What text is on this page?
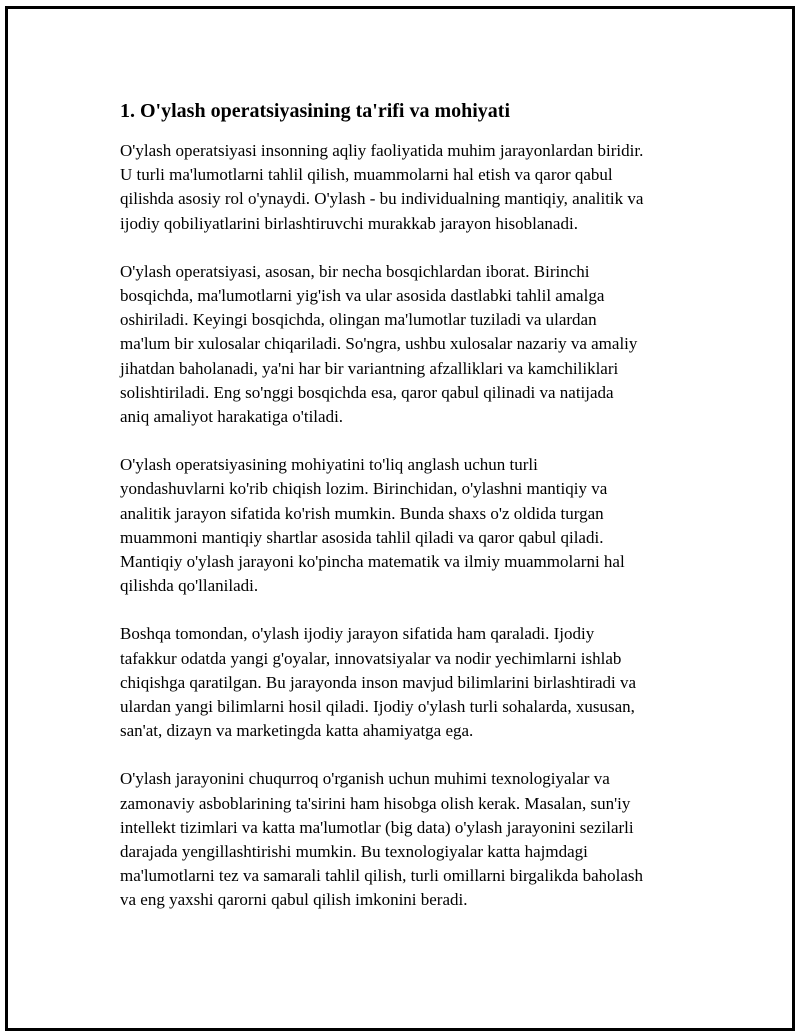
1. O'ylash operatsiyasining ta'rifi va mohiyati

O'ylash operatsiyasi insonning aqliy faoliyatida muhim jarayonlardan biridir.
U turli ma'lumotlarni tahlil qilish, muammolarni hal etish va qaror qabul
qilishda asosiy rol o'ynaydi. O'ylash - bu individualning mantiqiy, analitik va
ijodiy qobiliyatlarini birlashtiruvchi murakkab jarayon hisoblanadi.

O'ylash operatsiyasi, asosan, bir necha bosqichlardan iborat. Birinchi
bosqichda, ma'lumotlarni yig'ish va ular asosida dastlabki tahlil amalga
oshiriladi. Keyingi bosqichda, olingan ma'lumotlar tuziladi va ulardan
ma'lum bir xulosalar chiqariladi. So'ngra, ushbu xulosalar nazariy va amaliy
jihatdan baholanadi, ya'ni har bir variantning afzalliklari va kamchiliklari
solishtiriladi. Eng so'nggi bosqichda esa, qaror qabul qilinadi va natijada
aniq amaliyot harakatiga o'tiladi.

O'ylash operatsiyasining mohiyatini to'liq anglash uchun turli
yondashuvlarni ko'rib chiqish lozim. Birinchidan, o'ylashni mantiqiy va
analitik jarayon sifatida ko'rish mumkin. Bunda shaxs o'z oldida turgan
muammoni mantiqiy shartlar asosida tahlil qiladi va qaror qabul qiladi.
Mantiqiy o'ylash jarayoni ko'pincha matematik va ilmiy muammolarni hal
qilishda qo'llaniladi.

Boshqa tomondan, o'ylash ijodiy jarayon sifatida ham qaraladi. Ijodiy
tafakkur odatda yangi g'oyalar, innovatsiyalar va nodir yechimlarni ishlab
chiqishga qaratilgan. Bu jarayonda inson mavjud bilimlarini birlashtiradi va
ulardan yangi bilimlarni hosil qiladi. Ijodiy o'ylash turli sohalarda, xususan,
san'at, dizayn va marketingda katta ahamiyatga ega.

O'ylash jarayonini chuqurroq o'rganish uchun muhimi texnologiyalar va
zamonaviy asboblarining ta'sirini ham hisobga olish kerak. Masalan, sun'iy
intellekt tizimlari va katta ma'lumotlar (big data) o'ylash jarayonini sezilarli
darajada yengillashtirishi mumkin. Bu texnologiyalar katta hajmdagi
ma'lumotlarni tez va samarali tahlil qilish, turli omillarni birgalikda baholash
va eng yaxshi qarorni qabul qilish imkonini beradi.
